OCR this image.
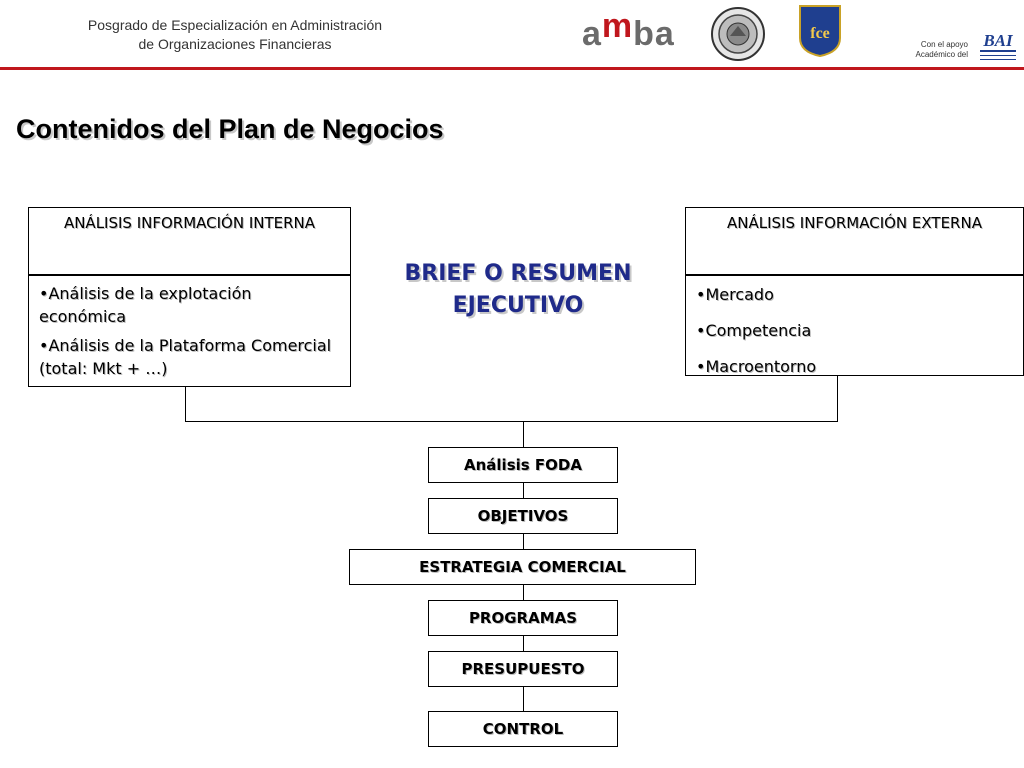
Posgrado de Especialización en Administración
de Organizaciones Financieras	amba	fce
Con el apoyo
Académico del
BAI
Contenidos del Plan de Negocios
ANÁLISIS INFORMACIÓN INTERNA

•Análisis de la explotación económica

•Análisis de la Plataforma Comercial (total: Mkt + …)

BRIEF O RESUMEN EJECUTIVO
ANÁLISIS INFORMACIÓN EXTERNA

•Mercado

•Competencia

•Macroentorno

Análisis FODA
OBJETIVOS
ESTRATEGIA COMERCIAL
PROGRAMAS
PRESUPUESTO
CONTROL
